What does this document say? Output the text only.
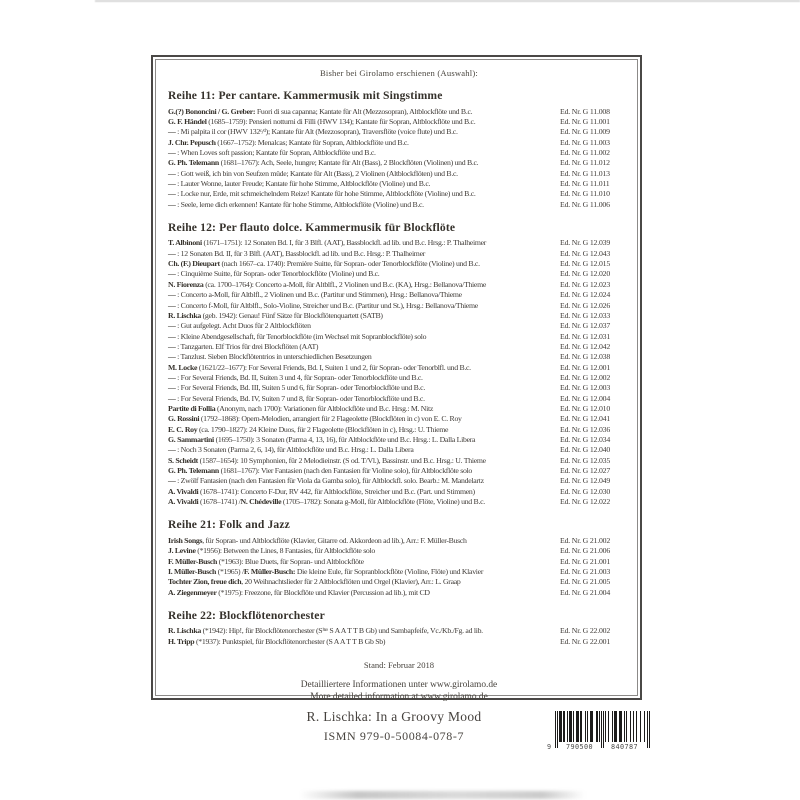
Bisher bei Girolamo erschienen (Auswahl):
Reihe 11: Per cantare. Kammermusik mit Singstimme
G.(?) Bononcini / G. Greber: Fuori di sua capanna; Kantate für Alt (Mezzosopran), Altblockflöte und B.c.	Ed. Nr. G 11.008
G. F. Händel (1685–1759): Pensieri notturni di Filli (HWV 134); Kantate für Sopran, Altblockflöte und B.c.	Ed. Nr. G 11.001
— : Mi palpita il cor (HWV 132ᶜ/ᵈ); Kantate für Alt (Mezzosopran), Traversflöte (voice flute) und B.c.	Ed. Nr. G 11.009
J. Chr. Pepusch (1667–1752): Menalcas; Kantate für Sopran, Altblockflöte und B.c.	Ed. Nr. G 11.003
— : When Loves soft passion; Kantate für Sopran, Altblockflöte und B.c.	Ed. Nr. G 11.002
G. Ph. Telemann (1681–1767): Ach, Seele, hungre; Kantate für Alt (Bass), 2 Blockflöten (Violinen) und B.c.	Ed. Nr. G 11.012
— : Gott weiß, ich bin von Seufzen müde; Kantate für Alt (Bass), 2 Violinen (Altblockflöten) und B.c.	Ed. Nr. G 11.013
— : Lauter Wonne, lauter Freude; Kantate für hohe Stimme, Altblockflöte (Violine) und B.c.	Ed. Nr. G 11.011
— : Locke nur, Erde, mit schmeichelndem Reize! Kantate für hohe Stimme, Altblockflöte (Violine) und B.c.	Ed. Nr. G 11.010
— : Seele, lerne dich erkennen! Kantate für hohe Stimme, Altblockflöte (Violine) und B.c.	Ed. Nr. G 11.006
Reihe 12: Per flauto dolce. Kammermusik für Blockflöte
T. Albinoni (1671–1751): 12 Sonaten Bd. I, für 3 Blfl. (AAT), Bassblockfl. ad lib. und B.c. Hrsg.: P. Thalheimer	Ed. Nr. G 12.039
— : 12 Sonaten Bd. II, für 3 Blfl. (AAT), Bassblockfl. ad lib. und B.c. Hrsg.: P. Thalheimer	Ed. Nr. G 12.043
Ch. (F.) Dieupart (nach 1667–ca. 1740): Première Suitte, für Sopran- oder Tenorblockflöte (Violine) und B.c.	Ed. Nr. G 12.015
— : Cinquième Suitte, für Sopran- oder Tenorblockflöte (Violine) und B.c.	Ed. Nr. G 12.020
N. Fiorenza (ca. 1700–1764): Concerto a-Moll, für Altblfl., 2 Violinen und B.c. (KA), Hrsg.: Bellanova/Thieme	Ed. Nr. G 12.023
— : Concerto a-Moll, für Altblfl., 2 Violinen und B.c. (Partitur und Stimmen), Hrsg.: Bellanova/Thieme	Ed. Nr. G 12.024
— : Concerto f-Moll, für Altblfl., Solo-Violine, Streicher und B.c. (Partitur und St.), Hrsg.: Bellanova/Thieme	Ed. Nr. G 12.026
R. Lischka (geb. 1942): Genau! Fünf Sätze für Blockflötenquartett (SATB)	Ed. Nr. G 12.033
— : Gut aufgelegt. Acht Duos für 2 Altblockflöten	Ed. Nr. G 12.037
— : Kleine Abendgesellschaft, für Tenorblockflöte (im Wechsel mit Sopranblockflöte) solo	Ed. Nr. G 12.031
— : Tanzgarten. Elf Trios für drei Blockflöten (AAT)	Ed. Nr. G 12.042
— : Tanzlust. Sieben Blockflötentrios in unterschiedlichen Besetzungen	Ed. Nr. G 12.038
M. Locke (1621/22–1677): For Several Friends, Bd. I, Suiten 1 und 2, für Sopran- oder Tenorblfl. und B.c.	Ed. Nr. G 12.001
— : For Several Friends, Bd. II, Suiten 3 und 4, für Sopran- oder Tenorblockflöte und B.c.	Ed. Nr. G 12.002
— : For Several Friends, Bd. III, Suiten 5 und 6, für Sopran- oder Tenorblockflöte und B.c.	Ed. Nr. G 12.003
— : For Several Friends, Bd. IV, Suiten 7 und 8, für Sopran- oder Tenorblockflöte und B.c.	Ed. Nr. G 12.004
Partite di Follia (Anonym, nach 1700): Variationen für Altblockflöte und B.c. Hrsg.: M. Nitz	Ed. Nr. G 12.010
G. Rossini (1792–1868): Opern-Melodien, arrangiert für 2 Flageolette (Blockflöten in c) von E. C. Roy	Ed. Nr. G 12.041
E. C. Roy (ca. 1790–1827): 24 Kleine Duos, für 2 Flageolette (Blockflöten in c), Hrsg.: U. Thieme	Ed. Nr. G 12.036
G. Sammartini (1695–1750): 3 Sonaten (Parma 4, 13, 16), für Altblockflöte und B.c. Hrsg.: L. Dalla Libera	Ed. Nr. G 12.034
— : Noch 3 Sonaten (Parma 2, 6, 14), für Altblockflöte und B.c. Hrsg.: L. Dalla Libera	Ed. Nr. G 12.040
S. Scheidt (1587–1654): 10 Symphonien, für 2 Melodieinstr. (S od. T/Vl.), Bassinstr. und B.c. Hrsg.: U. Thieme	Ed. Nr. G 12.035
G. Ph. Telemann (1681–1767): Vier Fantasien (nach den Fantasien für Violine solo), für Altblockflöte solo	Ed. Nr. G 12.027
— : Zwölf Fantasien (nach den Fantasien für Viola da Gamba solo), für Altblockfl. solo. Bearb.: M. Mandelartz	Ed. Nr. G 12.049
A. Vivaldi (1678–1741): Concerto F-Dur, RV 442, für Altblockflöte, Streicher und B.c. (Part. und Stimmen)	Ed. Nr. G 12.030
A. Vivaldi (1678–1741) /N. Chédeville (1705–1782): Sonata g-Moll, für Altblockflöte (Flöte, Violine) und B.c.	Ed. Nr. G 12.022
Reihe 21: Folk and Jazz
Irish Songs, für Sopran- und Altblockflöte (Klavier, Gitarre od. Akkordeon ad lib.), Arr.: F. Müller-Busch	Ed. Nr. G 21.002
J. Levine (*1956): Between the Lines, 8 Fantasies, für Altblockflöte solo	Ed. Nr. G 21.006
F. Müller-Busch (*1963): Blue Duets, für Sopran- und Altblockflöte	Ed. Nr. G 21.001
I. Müller-Busch (*1965) /F. Müller-Busch: Die kleine Eule, für Sopranblockflöte (Violine, Flöte) und Klavier	Ed. Nr. G 21.003
Tochter Zion, freue dich, 20 Weihnachtslieder für 2 Altblockflöten und Orgel (Klavier), Arr.: L. Graap	Ed. Nr. G 21.005
A. Ziegenmeyer (*1975): Freezone, für Blockflöte und Klavier (Percussion ad lib.), mit CD	Ed. Nr. G 21.004
Reihe 22: Blockflötenorchester
R. Lischka (*1942): Hip!, für Blockflötenorchester (Sⁱⁿᵒ S A A T T B Gb) und Sambapfeife, Vc./Kb./Fg. ad lib.	Ed. Nr. G 22.002
H. Tripp (*1937): Punktspiel, für Blockflötenorchester (S A A T T B Gb Sb)	Ed. Nr. G 22.001
Stand: Februar 2018
Detailliertere Informationen unter www.girolamo.de
More detailed information at www.girolamo.de
R. Lischka: In a Groovy Mood
ISMN 979-0-50084-078-7
9 790500	840787
